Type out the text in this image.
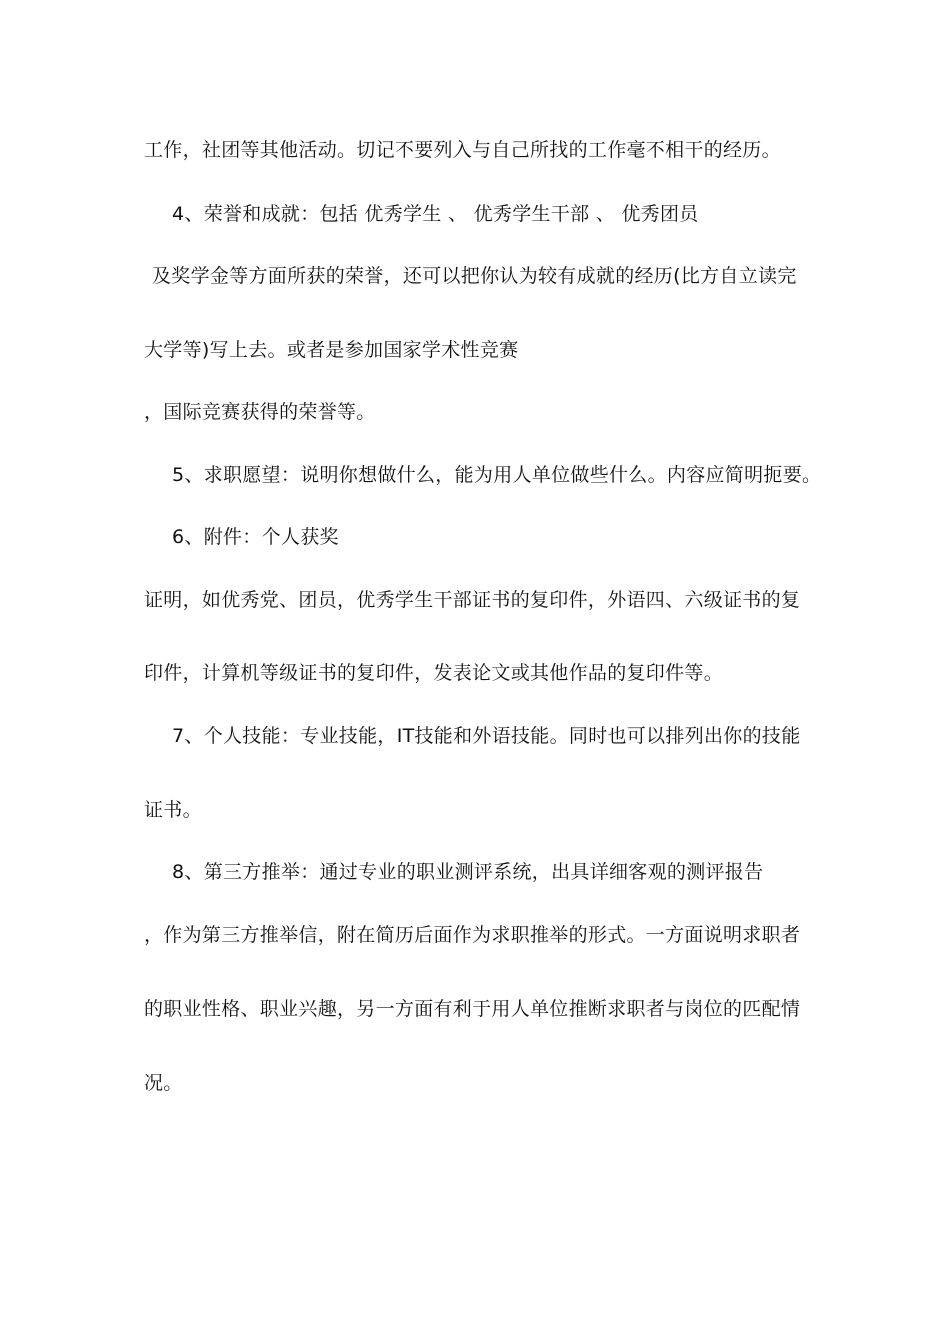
工作，社团等其他活动。切记不要列入与自己所找的工作毫不相干的经历。
4、荣誉和成就：包括 优秀学生 、 优秀学生干部 、 优秀团员
及奖学金等方面所获的荣誉，还可以把你认为较有成就的经历(比方自立读完
大学等)写上去。或者是参加国家学术性竞赛
，国际竞赛获得的荣誉等。
5、求职愿望：说明你想做什么，能为用人单位做些什么。内容应简明扼要。
6、附件：个人获奖
证明，如优秀党、团员，优秀学生干部证书的复印件，外语四、六级证书的复
印件，计算机等级证书的复印件，发表论文或其他作品的复印件等。
7、个人技能：专业技能，IT技能和外语技能。同时也可以排列出你的技能
证书。
8、第三方推举：通过专业的职业测评系统，出具详细客观的测评报告
，作为第三方推举信，附在简历后面作为求职推举的形式。一方面说明求职者
的职业性格、职业兴趣，另一方面有利于用人单位推断求职者与岗位的匹配情
况。
